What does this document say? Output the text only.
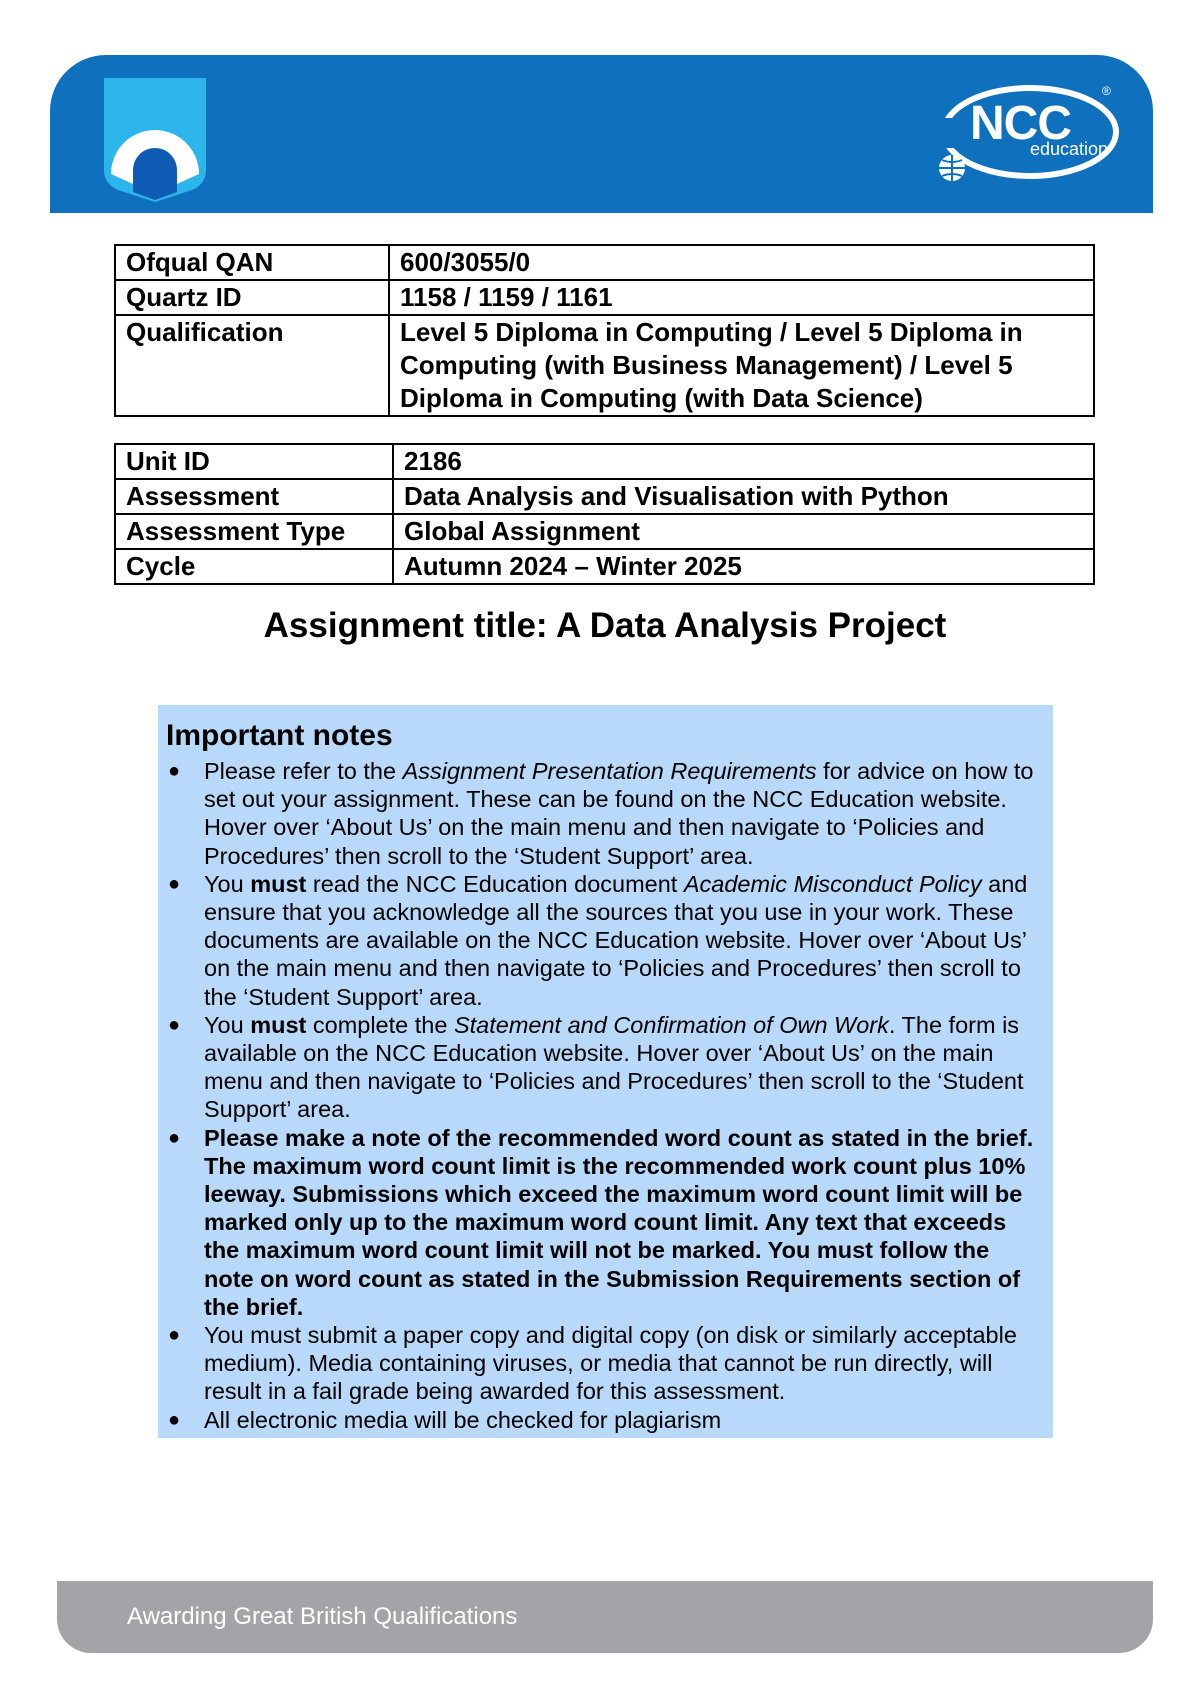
NCC
education
®
Ofqual QAN	600/3055/0
Quartz ID	1158 / 1159 / 1161
Qualification	Level 5 Diploma in Computing / Level 5 Diploma in Computing (with Business Management) / Level 5 Diploma in Computing (with Data Science)
Unit ID	2186
Assessment	Data Analysis and Visualisation with Python
Assessment Type	Global Assignment
Cycle	Autumn 2024 – Winter 2025
Assignment title: A Data Analysis Project
Important notes
●	Please refer to the Assignment Presentation Requirements for advice on how to set out your assignment. These can be found on the NCC Education website. Hover over ‘About Us’ on the main menu and then navigate to ‘Policies and Procedures’ then scroll to the ‘Student Support’ area.
●	You must read the NCC Education document Academic Misconduct Policy and ensure that you acknowledge all the sources that you use in your work. These documents are available on the NCC Education website. Hover over ‘About Us’ on the main menu and then navigate to ‘Policies and Procedures’ then scroll to the ‘Student Support’ area.
●	You must complete the Statement and Confirmation of Own Work. The form is available on the NCC Education website. Hover over ‘About Us’ on the main menu and then navigate to ‘Policies and Procedures’ then scroll to the ‘Student Support’ area.
●	Please make a note of the recommended word count as stated in the brief. The maximum word count limit is the recommended work count plus 10% leeway. Submissions which exceed the maximum word count limit will be marked only up to the maximum word count limit. Any text that exceeds the maximum word count limit will not be marked. You must follow the note on word count as stated in the Submission Requirements section of the brief.
●	You must submit a paper copy and digital copy (on disk or similarly acceptable medium). Media containing viruses, or media that cannot be run directly, will result in a fail grade being awarded for this assessment.
●	All electronic media will be checked for plagiarism
Awarding Great British Qualifications
